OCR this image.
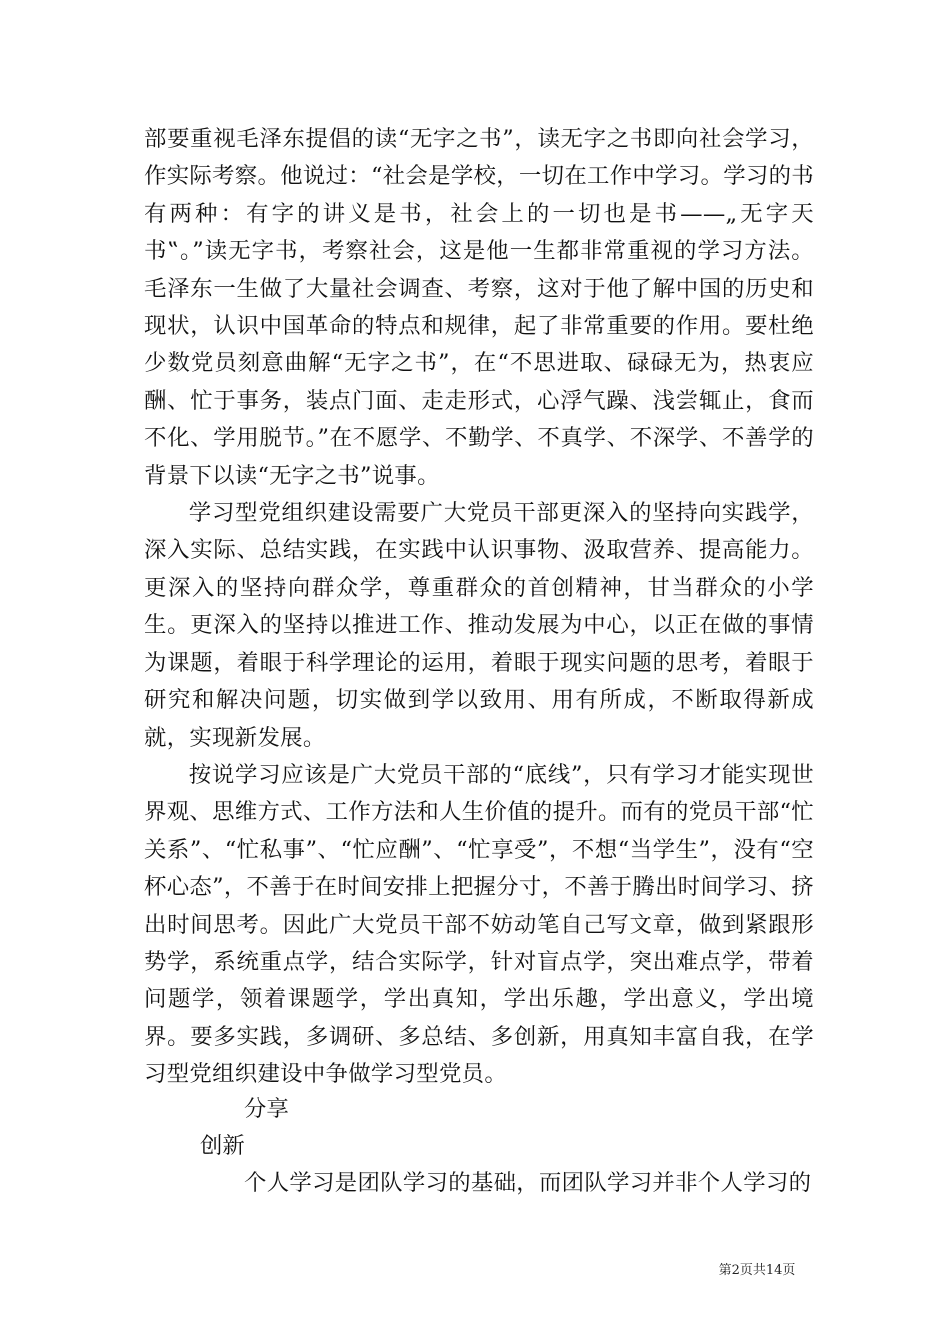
部要重视毛泽东提倡的读“无字之书”，读无字之书即向社会学习，作实际考察。他说过：“社会是学校，一切在工作中学习。学习的书有两种：有字的讲义是书，社会上的一切也是书——„无字天书‟。”读无字书，考察社会，这是他一生都非常重视的学习方法。毛泽东一生做了大量社会调查、考察，这对于他了解中国的历史和现状，认识中国革命的特点和规律，起了非常重要的作用。要杜绝少数党员刻意曲解“无字之书”，在“不思进取、碌碌无为，热衷应酬、忙于事务，装点门面、走走形式，心浮气躁、浅尝辄止，食而不化、学用脱节。”在不愿学、不勤学、不真学、不深学、不善学的背景下以读“无字之书”说事。

学习型党组织建设需要广大党员干部更深入的坚持向实践学，深入实际、总结实践，在实践中认识事物、汲取营养、提高能力。更深入的坚持向群众学，尊重群众的首创精神，甘当群众的小学生。更深入的坚持以推进工作、推动发展为中心，以正在做的事情为课题，着眼于科学理论的运用，着眼于现实问题的思考，着眼于研究和解决问题，切实做到学以致用、用有所成，不断取得新成就，实现新发展。

按说学习应该是广大党员干部的“底线”，只有学习才能实现世界观、思维方式、工作方法和人生价值的提升。而有的党员干部“忙关系”、“忙私事”、“忙应酬”、“忙享受”，不想“当学生”，没有“空杯心态”，不善于在时间安排上把握分寸，不善于腾出时间学习、挤出时间思考。因此广大党员干部不妨动笔自己写文章，做到紧跟形势学，系统重点学，结合实际学，针对盲点学，突出难点学，带着问题学，领着课题学，学出真知，学出乐趣，学出意义，学出境界。要多实践，多调研、多总结、多创新，用真知丰富自我，在学习型党组织建设中争做学习型党员。

分享
创新
个人学习是团队学习的基础，而团队学习并非个人学习的
第2页共14页
